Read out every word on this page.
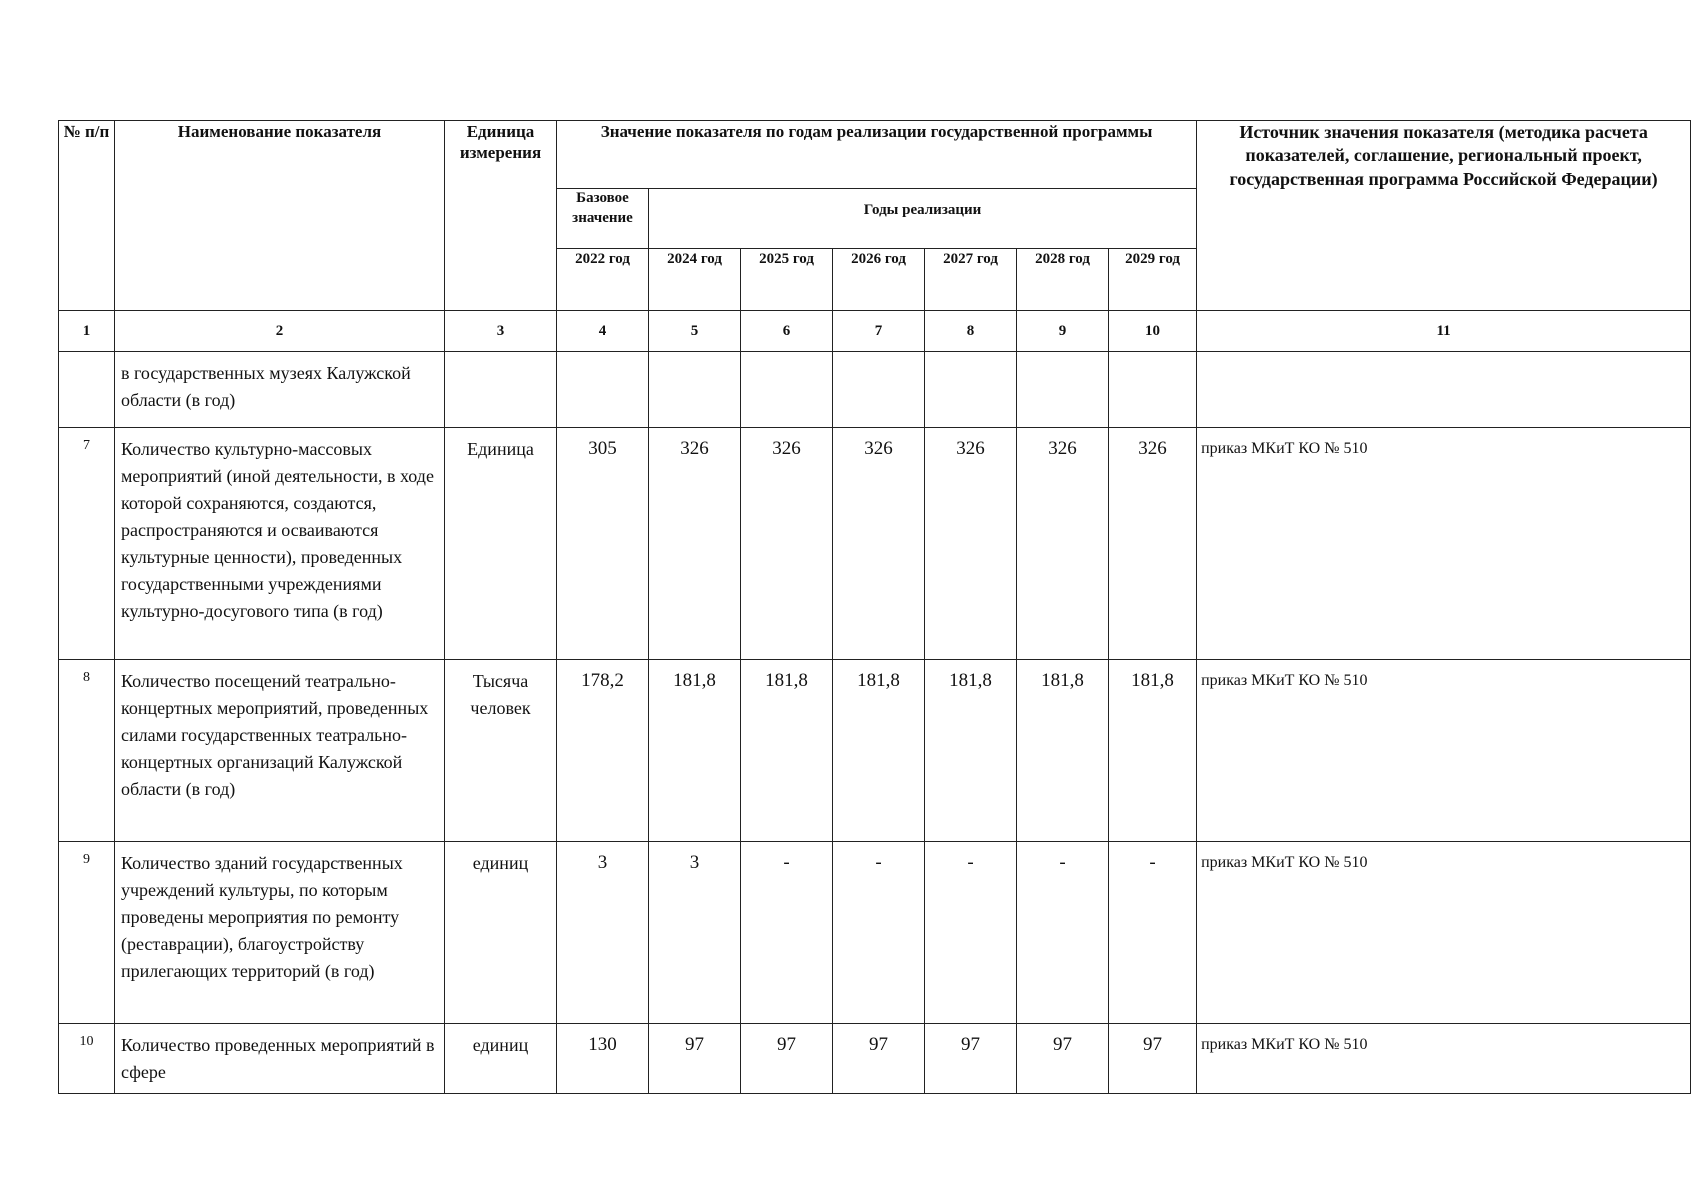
№ п/п	Наименование показателя	Единица измерения	Значение показателя по годам реализации государственной программы							Источник значения показателя (методика расчета показателей, соглашение, региональный проект, государственная программа Российской Федерации)
			Базовое значение	Годы реализации						
			2022 год	2024 год	2025 год	2026 год	2027 год	2028 год	2029 год	
1	2	3	4	5	6	7	8	9	10	11
	в государственных музеях Калужской области (в год)									
7	Количество культурно-массовых мероприятий (иной деятельности, в ходе которой сохраняются, создаются, распространяются и осваиваются культурные ценности), проведенных государственными учреждениями культурно-досугового типа (в год)	Единица	305	326	326	326	326	326	326	приказ МКиТ КО № 510
8	Количество посещений театрально-концертных мероприятий, проведенных силами государственных театрально-концертных организаций Калужской области (в год)	Тысяча человек	178,2	181,8	181,8	181,8	181,8	181,8	181,8	приказ МКиТ КО № 510
9	Количество зданий государственных учреждений культуры, по которым проведены мероприятия по ремонту (реставрации), благоустройству прилегающих территорий (в год)	единиц	3	3	-	-	-	-	-	приказ МКиТ КО № 510
10	Количество проведенных мероприятий в сфере	единиц	130	97	97	97	97	97	97	приказ МКиТ КО № 510
